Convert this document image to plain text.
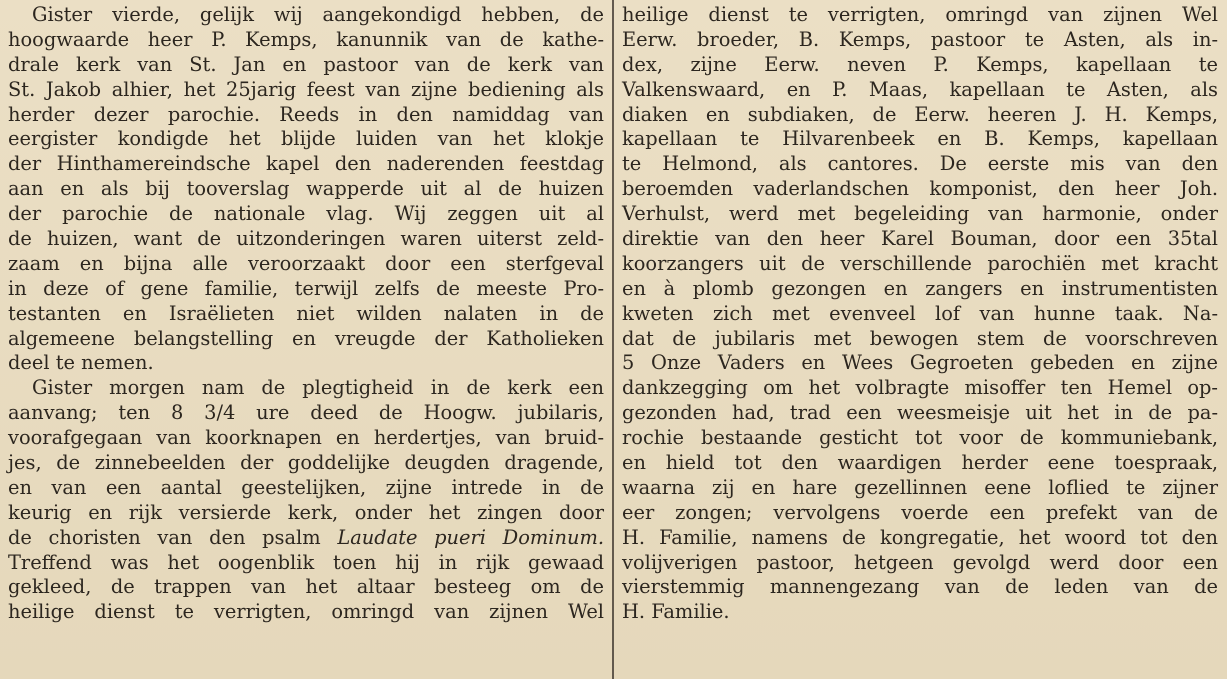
Gister vierde, gelijk wij aangekondigd hebben, de
hoogwaarde heer P. Kemps, kanunnik van de kathe-
drale kerk van St. Jan en pastoor van de kerk van
St. Jakob alhier, het 25jarig feest van zijne bediening als
herder dezer parochie. Reeds in den namiddag van
eergister kondigde het blijde luiden van het klokje
der Hinthamereindsche kapel den naderenden feestdag
aan en als bij tooverslag wapperde uit al de huizen
der parochie de nationale vlag. Wij zeggen uit al
de huizen, want de uitzonderingen waren uiterst zeld-
zaam en bijna alle veroorzaakt door een sterfgeval
in deze of gene familie, terwijl zelfs de meeste Pro-
testanten en Israëlieten niet wilden nalaten in de
algemeene belangstelling en vreugde der Katholieken
deel te nemen.
Gister morgen nam de plegtigheid in de kerk een
aanvang; ten 8 3/4 ure deed de Hoogw. jubilaris,
voorafgegaan van koorknapen en herdertjes, van bruid-
jes, de zinnebeelden der goddelijke deugden dragende,
en van een aantal geestelijken, zijne intrede in de
keurig en rijk versierde kerk, onder het zingen door
de choristen van den psalm Laudate pueri Dominum.
Treffend was het oogenblik toen hij in rijk gewaad
gekleed, de trappen van het altaar besteeg om de
heilige dienst te verrigten, omringd van zijnen Wel
heilige dienst te verrigten, omringd van zijnen Wel
Eerw. broeder, B. Kemps, pastoor te Asten, als in-
dex, zijne Eerw. neven P. Kemps, kapellaan te
Valkenswaard, en P. Maas, kapellaan te Asten, als
diaken en subdiaken, de Eerw. heeren J. H. Kemps,
kapellaan te Hilvarenbeek en B. Kemps, kapellaan
te Helmond, als cantores. De eerste mis van den
beroemden vaderlandschen komponist, den heer Joh.
Verhulst, werd met begeleiding van harmonie, onder
direktie van den heer Karel Bouman, door een 35tal
koorzangers uit de verschillende parochiën met kracht
en à plomb gezongen en zangers en instrumentisten
kweten zich met evenveel lof van hunne taak. Na-
dat de jubilaris met bewogen stem de voorschreven
5 Onze Vaders en Wees Gegroeten gebeden en zijne
dankzegging om het volbragte misoffer ten Hemel op-
gezonden had, trad een weesmeisje uit het in de pa-
rochie bestaande gesticht tot voor de kommuniebank,
en hield tot den waardigen herder eene toespraak,
waarna zij en hare gezellinnen eene loflied te zijner
eer zongen; vervolgens voerde een prefekt van de
H. Familie, namens de kongregatie, het woord tot den
volijverigen pastoor, hetgeen gevolgd werd door een
vierstemmig mannengezang van de leden van de
H. Familie.
